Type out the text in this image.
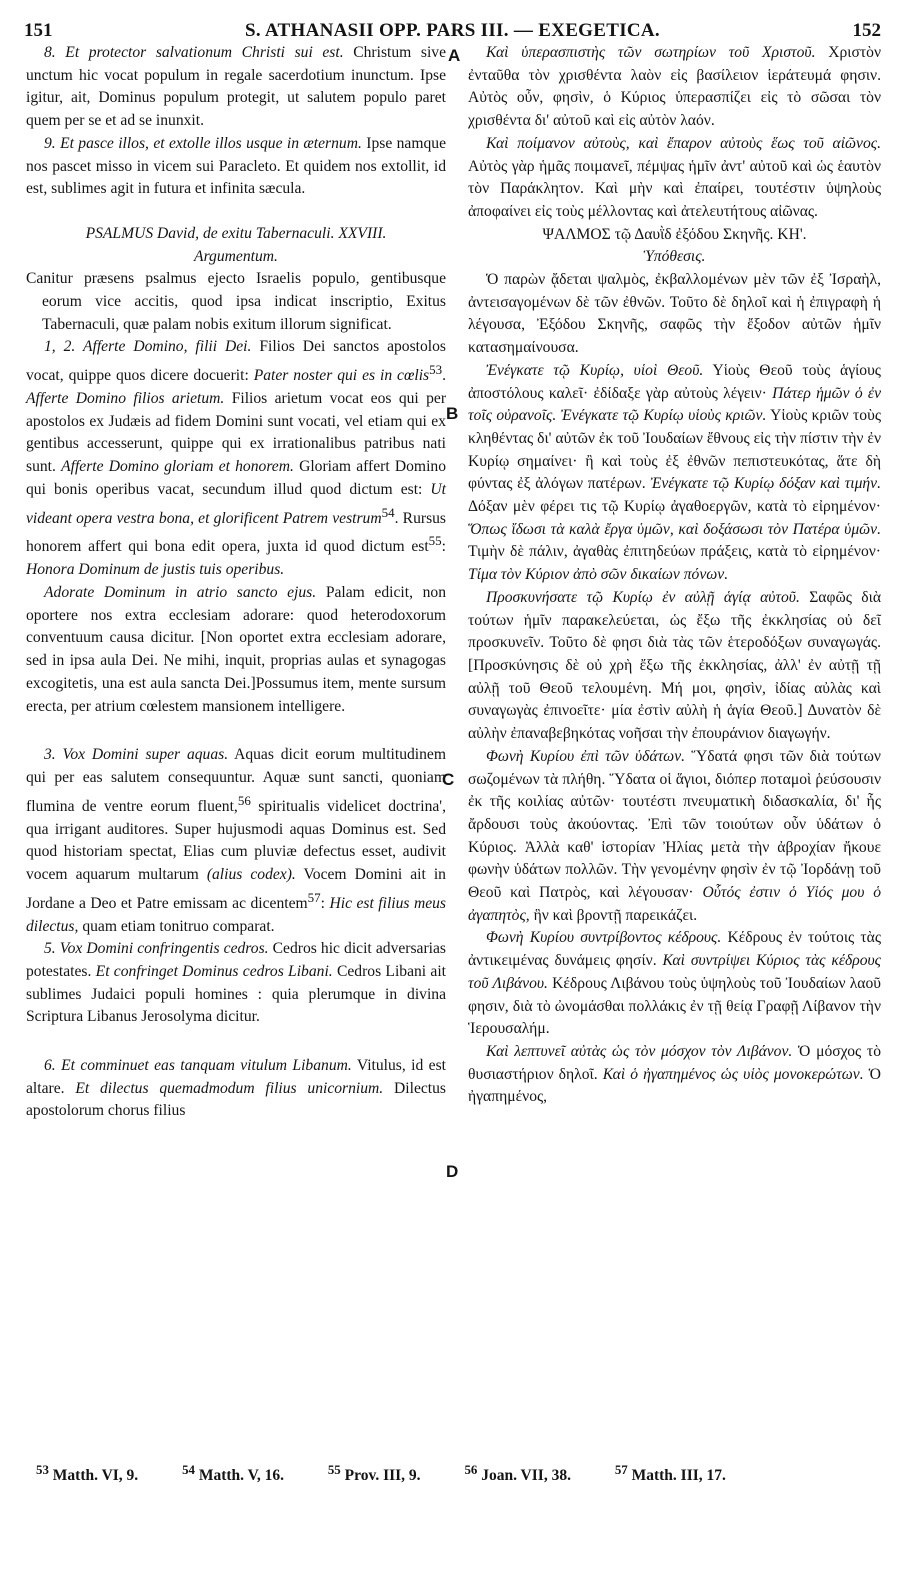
151	S. ATHANASII OPP. PARS III. — EXEGETICA.	152
A
B
C
D

8. Et protector salvationum Christi sui est. Christum sive unctum hic vocat populum in regale sacerdotium inunctum. Ipse igitur, ait, Dominus populum protegit, ut salutem populo paret quem per se et ad se inunxit.

9. Et pasce illos, et extolle illos usque in æternum. Ipse namque nos pascet misso in vicem sui Paracleto. Et quidem nos extollit, id est, sublimes agit in futura et infinita sæcula.

PSALMUS David, de exitu Tabernaculi. XXVIII.

Argumentum.

Canitur præsens psalmus ejecto Israelis populo, gentibusque eorum vice accitis, quod ipsa indicat inscriptio, Exitus Tabernaculi, quæ palam nobis exitum illorum significat.

1, 2. Afferte Domino, filii Dei. Filios Dei sanctos apostolos vocat, quippe quos dicere docuerit: Pater noster qui es in cœlis$^{53}$. Afferte Domino filios arietum. Filios arietum vocat eos qui per apostolos ex Judæis ad fidem Domini sunt vocati, vel etiam qui ex gentibus accesserunt, quippe qui ex irrationalibus patribus nati sunt. Afferte Domino gloriam et honorem. Gloriam affert Domino qui bonis operibus vacat, secundum illud quod dictum est: Ut videant opera vestra bona, et glorificent Patrem vestrum$^{54}$. Rursus honorem affert qui bona edit opera, juxta id quod dictum est$^{55}$: Honora Dominum de justis tuis operibus.

Adorate Dominum in atrio sancto ejus. Palam edicit, non oportere nos extra ecclesiam adorare: quod heterodoxorum conventuum causa dicitur. [Non oportet extra ecclesiam adorare, sed in ipsa aula Dei. Ne mihi, inquit, proprias aulas et synagogas excogitetis, una est aula sancta Dei.]Possumus item, mente sursum erecta, per atrium cœlestem mansionem intelligere.

3. Vox Domini super aquas. Aquas dicit eorum multitudinem qui per eas salutem consequuntur. Aquæ sunt sancti, quoniam flumina de ventre eorum fluent,$^{56}$ spiritualis videlicet doctrina', qua irrigant auditores. Super hujusmodi aquas Dominus est. Sed quod historiam spectat, Elias cum pluviæ defectus esset, audivit vocem aquarum multarum (alius codex). Vocem Domini ait in Jordane a Deo et Patre emissam ac dicentem$^{57}$: Hic est filius meus dilectus, quam etiam tonitruo comparat.

5. Vox Domini confringentis cedros. Cedros hic dicit adversarias potestates. Et confringet Dominus cedros Libani. Cedros Libani ait sublimes Judaici populi homines : quia plerumque in divina Scriptura Libanus Jerosolyma dicitur.

6. Et comminuet eas tanquam vitulum Libanum. Vitulus, id est altare. Et dilectus quemadmodum filius unicornium. Dilectus apostolorum chorus filius

Καὶ ὑπερασπιστὴς τῶν σωτηρίων τοῦ Χριστοῦ. Χριστὸν ἐνταῦθα τὸν χρισθέντα λαὸν εἰς βασίλειον ἱεράτευμά φησιν. Αὐτὸς οὖν, φησὶν, ὁ Κύριος ὑπερασπίζει εἰς τὸ σῶσαι τὸν χρισθέντα δι' αὐτοῦ καὶ εἰς αὐτὸν λαόν.

Καὶ ποίμανον αὐτοὺς, καὶ ἔπαρον αὐτοὺς ἕως τοῦ αἰῶνος. Αὐτὸς γὰρ ἡμᾶς ποιμανεῖ, πέμψας ἡμῖν ἀντ' αὐτοῦ καὶ ὡς ἑαυτὸν τὸν Παράκλητον. Καὶ μὴν καὶ ἐπαίρει, τουτέστιν ὑψηλοὺς ἀποφαίνει εἰς τοὺς μέλλοντας καὶ ἀτελευτήτους αἰῶνας.

ΨΑΛΜΟΣ τῷ Δαυῒδ ἐξόδου Σκηνῆς. ΚΗ'.

Ὑπόθεσις.

Ὁ παρὼν ᾄδεται ψαλμὸς, ἐκβαλλομένων μὲν τῶν ἐξ Ἰσραὴλ, ἀντεισαγομένων δὲ τῶν ἐθνῶν. Τοῦτο δὲ δηλοῖ καὶ ἡ ἐπιγραφὴ ἡ λέγουσα, Ἐξόδου Σκηνῆς, σαφῶς τὴν ἔξοδον αὐτῶν ἡμῖν κατασημαίνουσα.

Ἐνέγκατε τῷ Κυρίῳ, υἱοὶ Θεοῦ. Υἱοὺς Θεοῦ τοὺς ἁγίους ἀποστόλους καλεῖ· ἐδίδαξε γὰρ αὐτοὺς λέγειν· Πάτερ ἡμῶν ὁ ἐν τοῖς οὐρανοῖς. Ἐνέγκατε τῷ Κυρίῳ υἱοὺς κριῶν. Υἱοὺς κριῶν τοὺς κληθέντας δι' αὐτῶν ἐκ τοῦ Ἰουδαίων ἔθνους εἰς τὴν πίστιν τὴν ἐν Κυρίῳ σημαίνει· ἢ καὶ τοὺς ἐξ ἐθνῶν πεπιστευκότας, ἅτε δὴ φύντας ἐξ ἀλόγων πατέρων. Ἐνέγκατε τῷ Κυρίῳ δόξαν καὶ τιμήν. Δόξαν μὲν φέρει τις τῷ Κυρίῳ ἀγαθοεργῶν, κατὰ τὸ εἰρημένον· Ὅπως ἴδωσι τὰ καλὰ ἔργα ὑμῶν, καὶ δοξάσωσι τὸν Πατέρα ὑμῶν. Τιμὴν δὲ πάλιν, ἀγαθὰς ἐπιτηδεύων πράξεις, κατὰ τὸ εἰρημένον· Τίμα τὸν Κύριον ἀπὸ σῶν δικαίων πόνων.

Προσκυνήσατε τῷ Κυρίῳ ἐν αὐλῇ ἁγίᾳ αὐτοῦ. Σαφῶς διὰ τούτων ἡμῖν παρακελεύεται, ὡς ἔξω τῆς ἐκκλησίας οὐ δεῖ προσκυνεῖν. Τοῦτο δὲ φησι διὰ τὰς τῶν ἑτεροδόξων συναγωγάς. [Προσκύνησις δὲ οὐ χρὴ ἔξω τῆς ἐκκλησίας, ἀλλ' ἐν αὐτῇ τῇ αὐλῇ τοῦ Θεοῦ τελουμένη. Μή μοι, φησὶν, ἰδίας αὐλὰς καὶ συναγωγὰς ἐπινοεῖτε· μία ἐστὶν αὐλὴ ἡ ἁγία Θεοῦ.] Δυνατὸν δὲ αὐλὴν ἐπαναβεβηκότας νοῆσαι τὴν ἐπουράνιον διαγωγήν.

Φωνὴ Κυρίου ἐπὶ τῶν ὑδάτων. Ὕδατά φησι τῶν διὰ τούτων σωζομένων τὰ πλήθη. Ὕδατα οἱ ἅγιοι, διόπερ ποταμοὶ ῥεύσουσιν ἐκ τῆς κοιλίας αὐτῶν· τουτέστι πνευματικὴ διδασκαλία, δι' ἧς ἄρδουσι τοὺς ἀκούοντας. Ἐπὶ τῶν τοιούτων οὖν ὑδάτων ὁ Κύριος. Ἀλλὰ καθ' ἱστορίαν Ἠλίας μετὰ τὴν ἀβροχίαν ἤκουε φωνὴν ὑδάτων πολλῶν. Τὴν γενομένην φησὶν ἐν τῷ Ἰορδάνῃ τοῦ Θεοῦ καὶ Πατρὸς, καὶ λέγουσαν· Οὗτός ἐστιν ὁ Υἱός μου ὁ ἀγαπητὸς, ἣν καὶ βροντῇ παρεικάζει.

Φωνὴ Κυρίου συντρίβοντος κέδρους. Κέδρους ἐν τούτοις τὰς ἀντικειμένας δυνάμεις φησίν. Καὶ συντρίψει Κύριος τὰς κέδρους τοῦ Λιβάνου. Κέδρους Λιβάνου τοὺς ὑψηλοὺς τοῦ Ἰουδαίων λαοῦ φησιν, διὰ τὸ ὠνομάσθαι πολλάκις ἐν τῇ θείᾳ Γραφῇ Λίβανον τὴν Ἱερουσαλήμ.

Καὶ λεπτυνεῖ αὐτὰς ὡς τὸν μόσχον τὸν Λιβάνον. Ὁ μόσχος τὸ θυσιαστήριον δηλοῖ. Καὶ ὁ ἠγαπημένος ὡς υἱὸς μονοκερώτων. Ὁ ἠγαπημένος,

$^{53}$ Matth. VI, 9.	$^{54}$ Matth. V, 16.	$^{55}$ Prov. III, 9.	$^{56}$ Joan. VII, 38.	$^{57}$ Matth. III, 17.
